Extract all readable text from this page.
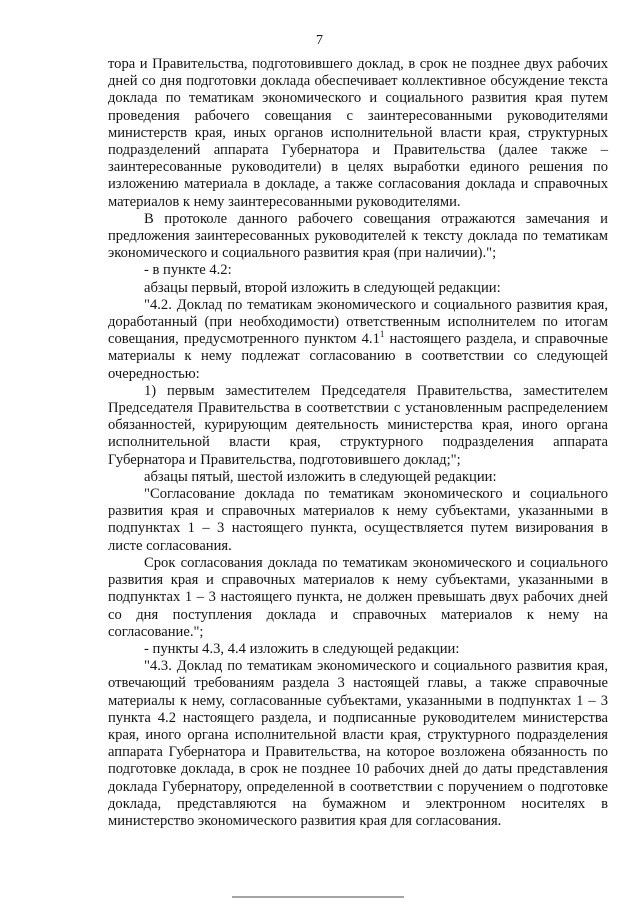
7

тора и Правительства, подготовившего доклад, в срок не позднее двух рабочих дней со дня подготовки доклада обеспечивает коллективное обсуждение текста доклада по тематикам экономического и социального развития края путем проведения рабочего совещания с заинтересованными руководителями министерств края, иных органов исполнительной власти края, структурных подразделений аппарата Губернатора и Правительства (далее также – заинтересованные руководители) в целях выработки единого решения по изложению материала в докладе, а также согласования доклада и справочных материалов к нему заинтересованными руководителями.

В протоколе данного рабочего совещания отражаются замечания и предложения заинтересованных руководителей к тексту доклада по тематикам экономического и социального развития края (при наличии).";

- в пункте 4.2:

абзацы первый, второй изложить в следующей редакции:

"4.2. Доклад по тематикам экономического и социального развития края, доработанный (при необходимости) ответственным исполнителем по итогам совещания, предусмотренного пунктом $4.1^1$ настоящего раздела, и справочные материалы к нему подлежат согласованию в соответствии со следующей очередностью:

1) первым заместителем Председателя Правительства, заместителем Председателя Правительства в соответствии с установленным распределением обязанностей, курирующим деятельность министерства края, иного органа исполнительной власти края, структурного подразделения аппарата Губернатора и Правительства, подготовившего доклад;";

абзацы пятый, шестой изложить в следующей редакции:

"Согласование доклада по тематикам экономического и социального развития края и справочных материалов к нему субъектами, указанными в подпунктах 1 – 3 настоящего пункта, осуществляется путем визирования в листе согласования.

Срок согласования доклада по тематикам экономического и социального развития края и справочных материалов к нему субъектами, указанными в подпунктах 1 – 3 настоящего пункта, не должен превышать двух рабочих дней со дня поступления доклада и справочных материалов к нему на согласование.";

- пункты 4.3, 4.4 изложить в следующей редакции:

"4.3. Доклад по тематикам экономического и социального развития края, отвечающий требованиям раздела 3 настоящей главы, а также справочные материалы к нему, согласованные субъектами, указанными в подпунктах 1 – 3 пункта 4.2 настоящего раздела, и подписанные руководителем министерства края, иного органа исполнительной власти края, структурного подразделения аппарата Губернатора и Правительства, на которое возложена обязанность по подготовке доклада, в срок не позднее 10 рабочих дней до даты представления доклада Губернатору, определенной в соответствии с поручением о подготовке доклада, представляются на бумажном и электронном носителях в министерство экономического развития края для согласования.
